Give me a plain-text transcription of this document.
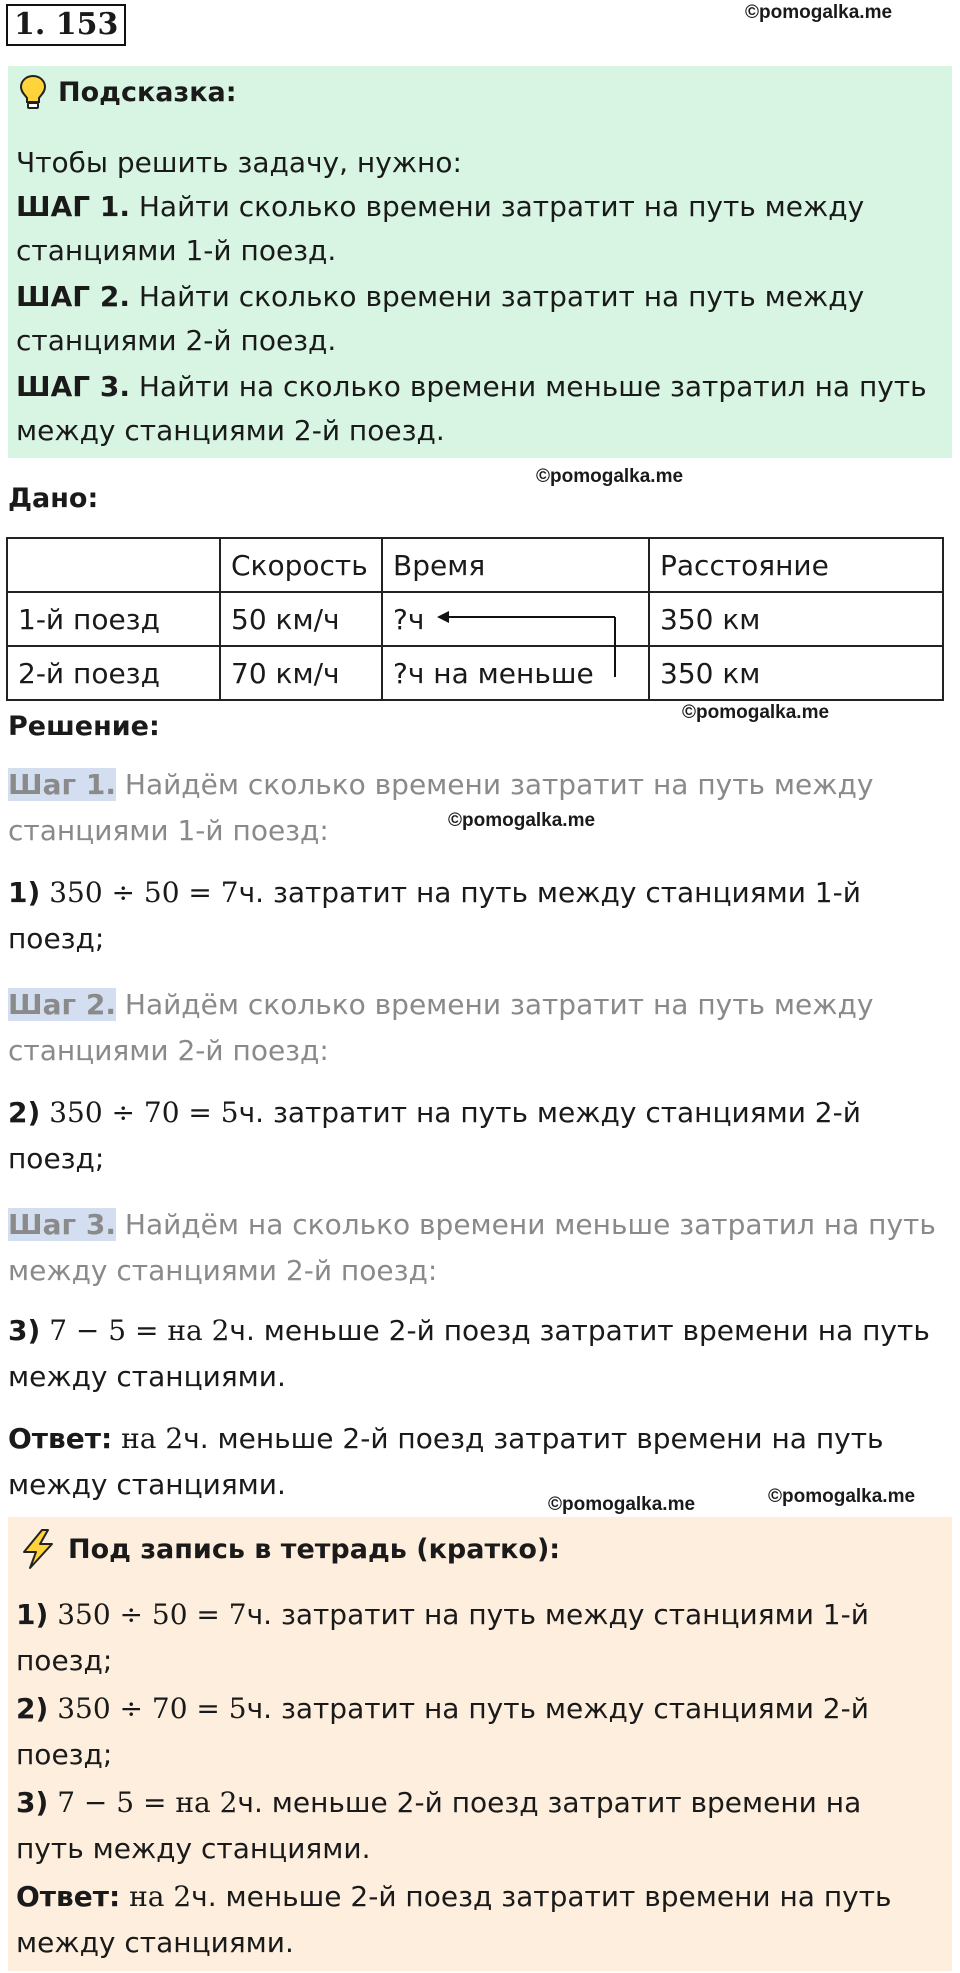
1. 153	©pomogalka.me
Подсказка:
Чтобы решить задачу, нужно:
ШАГ 1. Найти сколько времени затратит на путь между
станциями 1-й поезд.
ШАГ 2. Найти сколько времени затратит на путь между
станциями 2-й поезд.
ШАГ 3. Найти на сколько времени меньше затратил на путь
между станциями 2-й поезд.
Дано:
©pomogalka.me
	Скорость	Время	Расстояние
1-й поезд	50 км/ч	?ч	350 км
2-й поезд	70 км/ч	?ч на меньше	350 км
Решение:	©pomogalka.me
Шаг 1. Найдём сколько времени затратит на путь между
станциями 1-й поезд:	©pomogalka.me
1) 350 ÷ 50 = 7ч. затратит на путь между станциями 1-й
поезд;
Шаг 2. Найдём сколько времени затратит на путь между
станциями 2-й поезд:
2) 350 ÷ 70 = 5ч. затратит на путь между станциями 2-й
поезд;
Шаг 3. Найдём на сколько времени меньше затратил на путь
между станциями 2-й поезд:
3) 7 − 5 = на 2ч. меньше 2-й поезд затратит времени на путь
между станциями.
Ответ: на 2ч. меньше 2-й поезд затратит времени на путь
между станциями.
©pomogalka.me	©pomogalka.me
Под запись в тетрадь (кратко):
1) 350 ÷ 50 = 7ч. затратит на путь между станциями 1-й
поезд;
2) 350 ÷ 70 = 5ч. затратит на путь между станциями 2-й
поезд;
3) 7 − 5 = на 2ч. меньше 2-й поезд затратит времени на
путь между станциями.
Ответ: на 2ч. меньше 2-й поезд затратит времени на путь
между станциями.
